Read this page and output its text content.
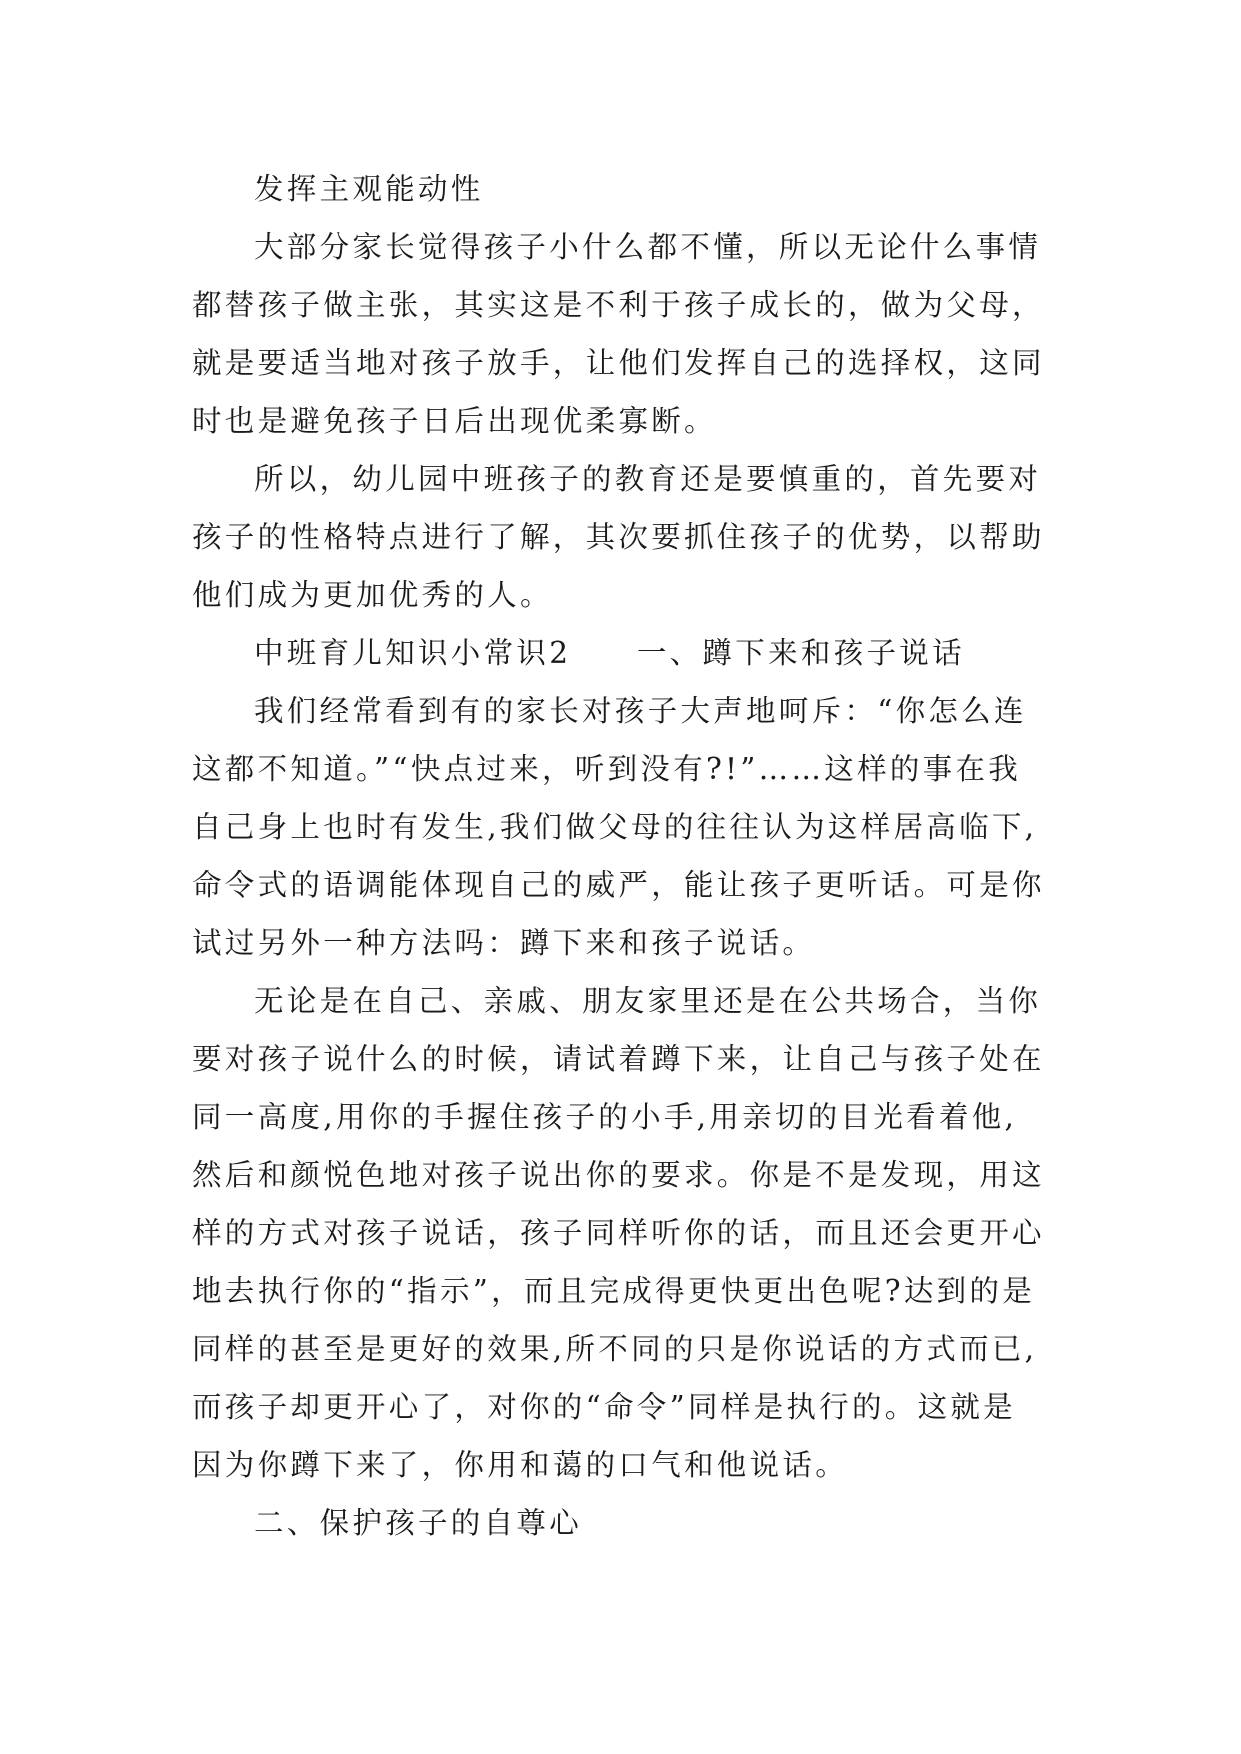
发挥主观能动性
大部分家长觉得孩子小什么都不懂，所以无论什么事情
都替孩子做主张，其实这是不利于孩子成长的，做为父母，
就是要适当地对孩子放手，让他们发挥自己的选择权，这同
时也是避免孩子日后出现优柔寡断。
所以，幼儿园中班孩子的教育还是要慎重的，首先要对
孩子的性格特点进行了解，其次要抓住孩子的优势，以帮助
他们成为更加优秀的人。
中班育儿知识小常识2　　一、蹲下来和孩子说话
我们经常看到有的家长对孩子大声地呵斥：“你怎么连
这都不知道。”“快点过来，听到没有?!”……这样的事在我
自己身上也时有发生,我们做父母的往往认为这样居高临下,
命令式的语调能体现自己的威严，能让孩子更听话。可是你
试过另外一种方法吗：蹲下来和孩子说话。
无论是在自己、亲戚、朋友家里还是在公共场合，当你
要对孩子说什么的时候，请试着蹲下来，让自己与孩子处在
同一高度,用你的手握住孩子的小手,用亲切的目光看着他,
然后和颜悦色地对孩子说出你的要求。你是不是发现，用这
样的方式对孩子说话，孩子同样听你的话，而且还会更开心
地去执行你的“指示”，而且完成得更快更出色呢?达到的是
同样的甚至是更好的效果,所不同的只是你说话的方式而已,
而孩子却更开心了，对你的“命令”同样是执行的。这就是
因为你蹲下来了，你用和蔼的口气和他说话。
二、保护孩子的自尊心
